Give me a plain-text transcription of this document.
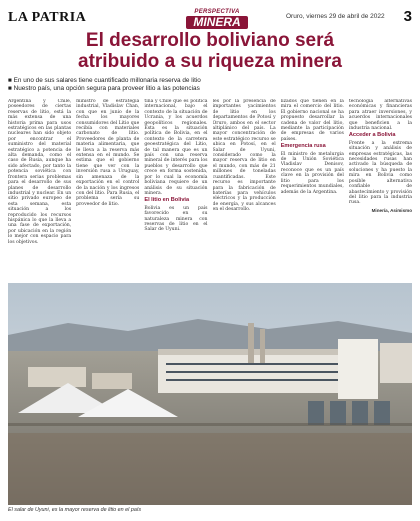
LA PATRIA	PERSPECTIVA
MINERA	Oruro, viernes 29 de abril de 2022 3
El desarrollo boliviano será
atribuido a su riqueza minera
■ En uno de sus salares tiene cuantificado millonaria reserva de litio
■ Nuestro país, una opción segura para proveer litio a las potencias

Argentina y Chile, poseedores de ciertas reservas de litio, está la más extensa de una historia prima para usos estratégicos en las plantas nucleares han sido objeto por encontrar el suministro del material estratégico a potencia de alta demanda, como el caso de Rusia, aunque ha sido afectado, por tanto la potencia soviética con frontera serias problemas para el desarrollo de sus planes de desarrollo industrial y nuclear. En un sitio privado europeo de esta semana, esta situación a los reproducido los recursos hispánica lo que la lleva a una fase de exportación, por ubicación en la región lo mejor con espacio para los objetivos.

ministro de estrategia industrial, Vladislav Chan, con que en junio de la fecha los mayores consumidores del Litio que recibía con materiales carbonato de litio. Proveedores de planta de materia alimentaria, que le lleva a la reserva más extensa en el mundo. Se estima que el gobierno tiene que ver con la inversión rusa a Uruguay, sin amenaza de la exportación en el control de la nación y los ingresos con del litio. Para Rusia, el problema sería su proveedor de litio.

tina y Chile que es política internacional, bajo el contexto de la situación de Ucrania, y los acuerdos geopolíticos regionales. Esta es la situación política de Bolivia, en el contexto de la carretera geoestratégica del Litio, de tal manera que es un país con una reserva mineral de interés para los pueblos y desarrollo que crece en forma sostenida, por lo cual la economía boliviana requiere de un análisis de su situación minera.

El litio en Bolivia

Bolivia es un país favorecido en su naturaleza minera con reservas de litio en el Salar de Uyuni.

les por la presencia de importantes yacimientos de litio en los departamentos de Potosí y Oruro, ambos en el sector altiplánico del país. La mayor concentración de este estratégico recurso se ubica en Potosí, en el Salar de Uyuni, considerado como la mayor reserva de litio en el mundo, con más de 21 millones de toneladas cuantificadas. Este recurso es importante para la fabricación de baterías para vehículos eléctricos y la producción de energía, y sus alcances en el desarrollo.

lizados que tienen en la mira el comercio del litio. El gobierno nacional se ha propuesto desarrollar la cadena de valor del litio, mediante la participación de empresas de varios países.

Emergencia rusa

El ministro de metalurgia de la Unión Soviética Vladislav Denisov, reconoce que es un país clave en la provisión del litio para los requerimientos mundiales, además de la Argentina.

tecnología alternativas económicas y financieras para atraer inversiones, y acuerdos internacionales que beneficien a la industria nacional.

Acceder a Bolivia

Frente a la extrema situación y análisis de empresas estratégicas, las necesidades rusas han activado la búsqueda de soluciones y ha puesto la mira en Bolivia como posible alternativa confiable de abastecimiento y provisión del litio para la industria rusa.

Minería, Asimismo
El salar de Uyuni, es la mayor reserva de litio en el país
